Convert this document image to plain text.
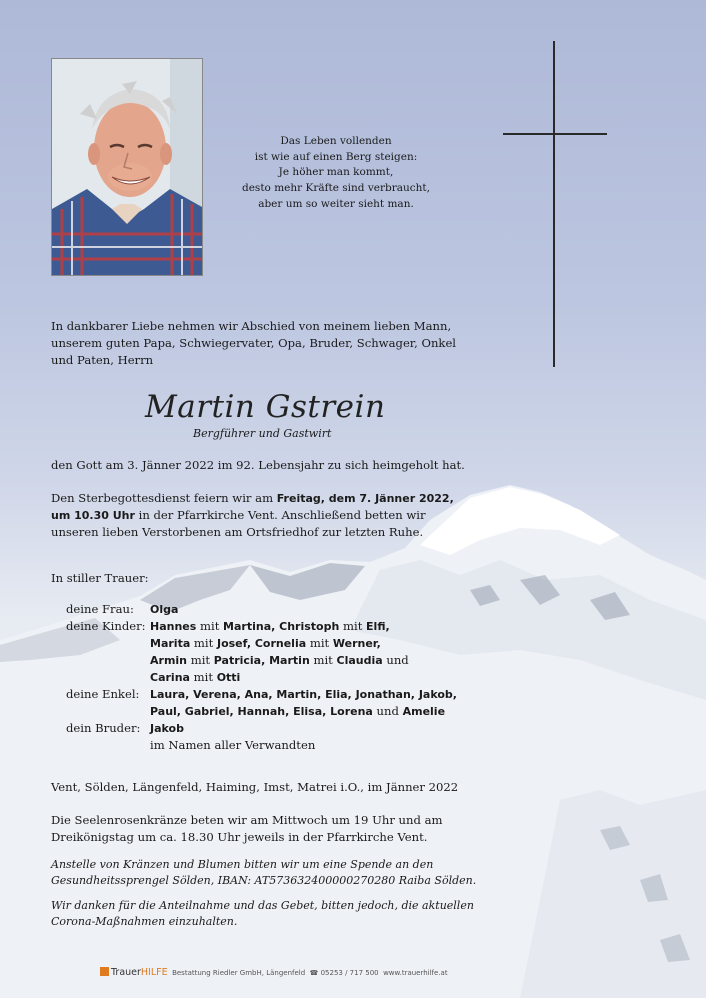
Das Leben vollenden
ist wie auf einen Berg steigen:
Je höher man kommt,
desto mehr Kräfte sind verbraucht,
aber um so weiter sieht man.
In dankbarer Liebe nehmen wir Abschied von meinem lieben Mann,
unserem guten Papa, Schwiegervater, Opa, Bruder, Schwager, Onkel
und Paten, Herrn
Martin Gstrein
Bergführer und Gastwirt
den Gott am 3. Jänner 2022 im 92. Lebensjahr zu sich heimgeholt hat.
Den Sterbegottesdienst feiern wir am Freitag, dem 7. Jänner 2022,
um 10.30 Uhr in der Pfarrkirche Vent. Anschließend betten wir
unseren lieben Verstorbenen am Ortsfriedhof zur letzten Ruhe.
In stiller Trauer:
deine Frau: Olga
deine Kinder: Hannes mit Martina, Christoph mit Elfi,
Marita mit Josef, Cornelia mit Werner,
Armin mit Patricia, Martin mit Claudia und
Carina mit Otti
deine Enkel: Laura, Verena, Ana, Martin, Elia, Jonathan, Jakob,
Paul, Gabriel, Hannah, Elisa, Lorena und Amelie
dein Bruder: Jakob
im Namen aller Verwandten
Vent, Sölden, Längenfeld, Haiming, Imst, Matrei i.O., im Jänner 2022
Die Seelenrosenkränze beten wir am Mittwoch um 19 Uhr und am
Dreikönigstag um ca. 18.30 Uhr jeweils in der Pfarrkirche Vent.
Anstelle von Kränzen und Blumen bitten wir um eine Spende an den
Gesundheitssprengel Sölden, IBAN: AT573632400000270280 Raiba Sölden.
Wir danken für die Anteilnahme und das Gebet, bitten jedoch, die aktuellen
Corona-Maßnahmen einzuhalten.
TrauerHILFE Bestattung Riedler GmbH, Längenfeld ☎ 05253 / 717 500 www.trauerhilfe.at
